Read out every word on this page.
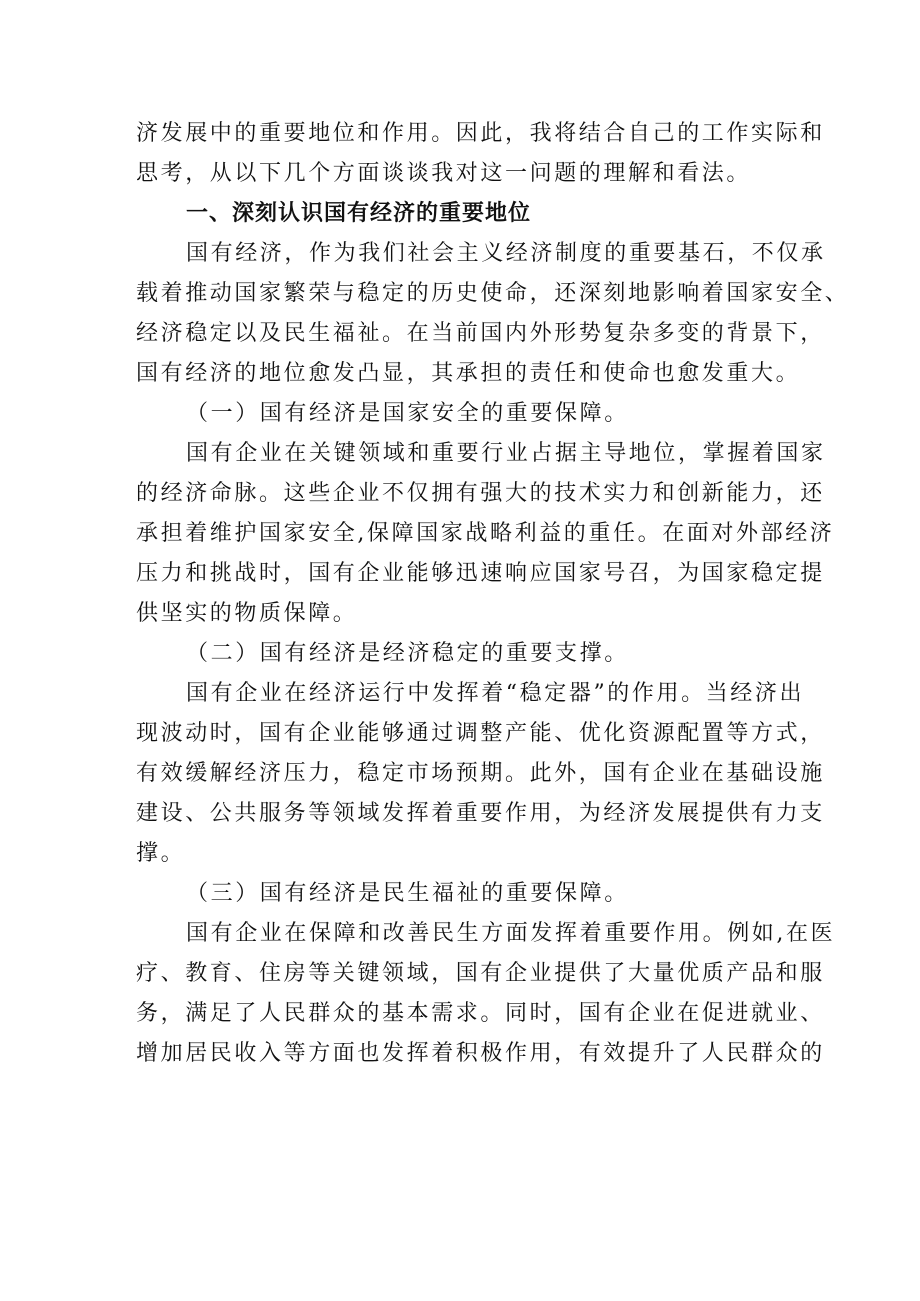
济发展中的重要地位和作用。因此，我将结合自己的工作实际和
思考，从以下几个方面谈谈我对这一问题的理解和看法。
一、深刻认识国有经济的重要地位
国有经济，作为我们社会主义经济制度的重要基石，不仅承
载着推动国家繁荣与稳定的历史使命，还深刻地影响着国家安全、
经济稳定以及民生福祉。在当前国内外形势复杂多变的背景下，
国有经济的地位愈发凸显，其承担的责任和使命也愈发重大。
（一）国有经济是国家安全的重要保障。
国有企业在关键领域和重要行业占据主导地位，掌握着国家
的经济命脉。这些企业不仅拥有强大的技术实力和创新能力，还
承担着维护国家安全,保障国家战略利益的重任。在面对外部经济
压力和挑战时，国有企业能够迅速响应国家号召，为国家稳定提
供坚实的物质保障。
（二）国有经济是经济稳定的重要支撑。
国有企业在经济运行中发挥着“稳定器”的作用。当经济出
现波动时，国有企业能够通过调整产能、优化资源配置等方式，
有效缓解经济压力，稳定市场预期。此外，国有企业在基础设施
建设、公共服务等领域发挥着重要作用，为经济发展提供有力支
撑。
（三）国有经济是民生福祉的重要保障。
国有企业在保障和改善民生方面发挥着重要作用。例如,在医
疗、教育、住房等关键领域，国有企业提供了大量优质产品和服
务，满足了人民群众的基本需求。同时，国有企业在促进就业、
增加居民收入等方面也发挥着积极作用，有效提升了人民群众的
